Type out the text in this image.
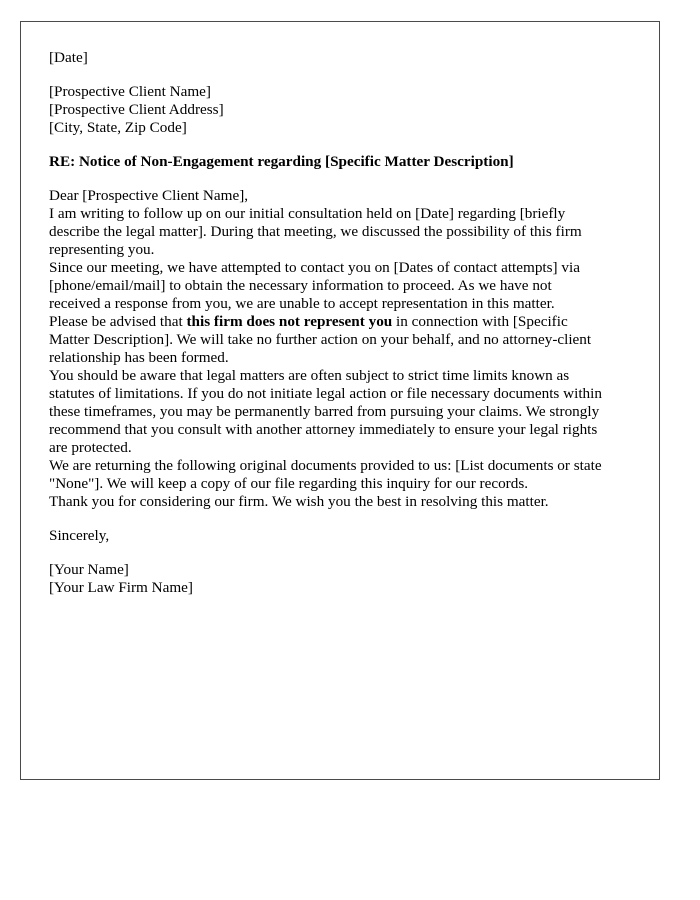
[Date]
[Prospective Client Name]
[Prospective Client Address]
[City, State, Zip Code]
RE: Notice of Non-Engagement regarding [Specific Matter Description]
Dear [Prospective Client Name],
I am writing to follow up on our initial consultation held on [Date] regarding [briefly
describe the legal matter]. During that meeting, we discussed the possibility of this firm
representing you.
Since our meeting, we have attempted to contact you on [Dates of contact attempts] via
[phone/email/mail] to obtain the necessary information to proceed. As we have not
received a response from you, we are unable to accept representation in this matter.
Please be advised that this firm does not represent you in connection with [Specific
Matter Description]. We will take no further action on your behalf, and no attorney-client
relationship has been formed.
You should be aware that legal matters are often subject to strict time limits known as
statutes of limitations. If you do not initiate legal action or file necessary documents within
these timeframes, you may be permanently barred from pursuing your claims. We strongly
recommend that you consult with another attorney immediately to ensure your legal rights
are protected.
We are returning the following original documents provided to us: [List documents or state
"None"]. We will keep a copy of our file regarding this inquiry for our records.
Thank you for considering our firm. We wish you the best in resolving this matter.
Sincerely,
[Your Name]
[Your Law Firm Name]
